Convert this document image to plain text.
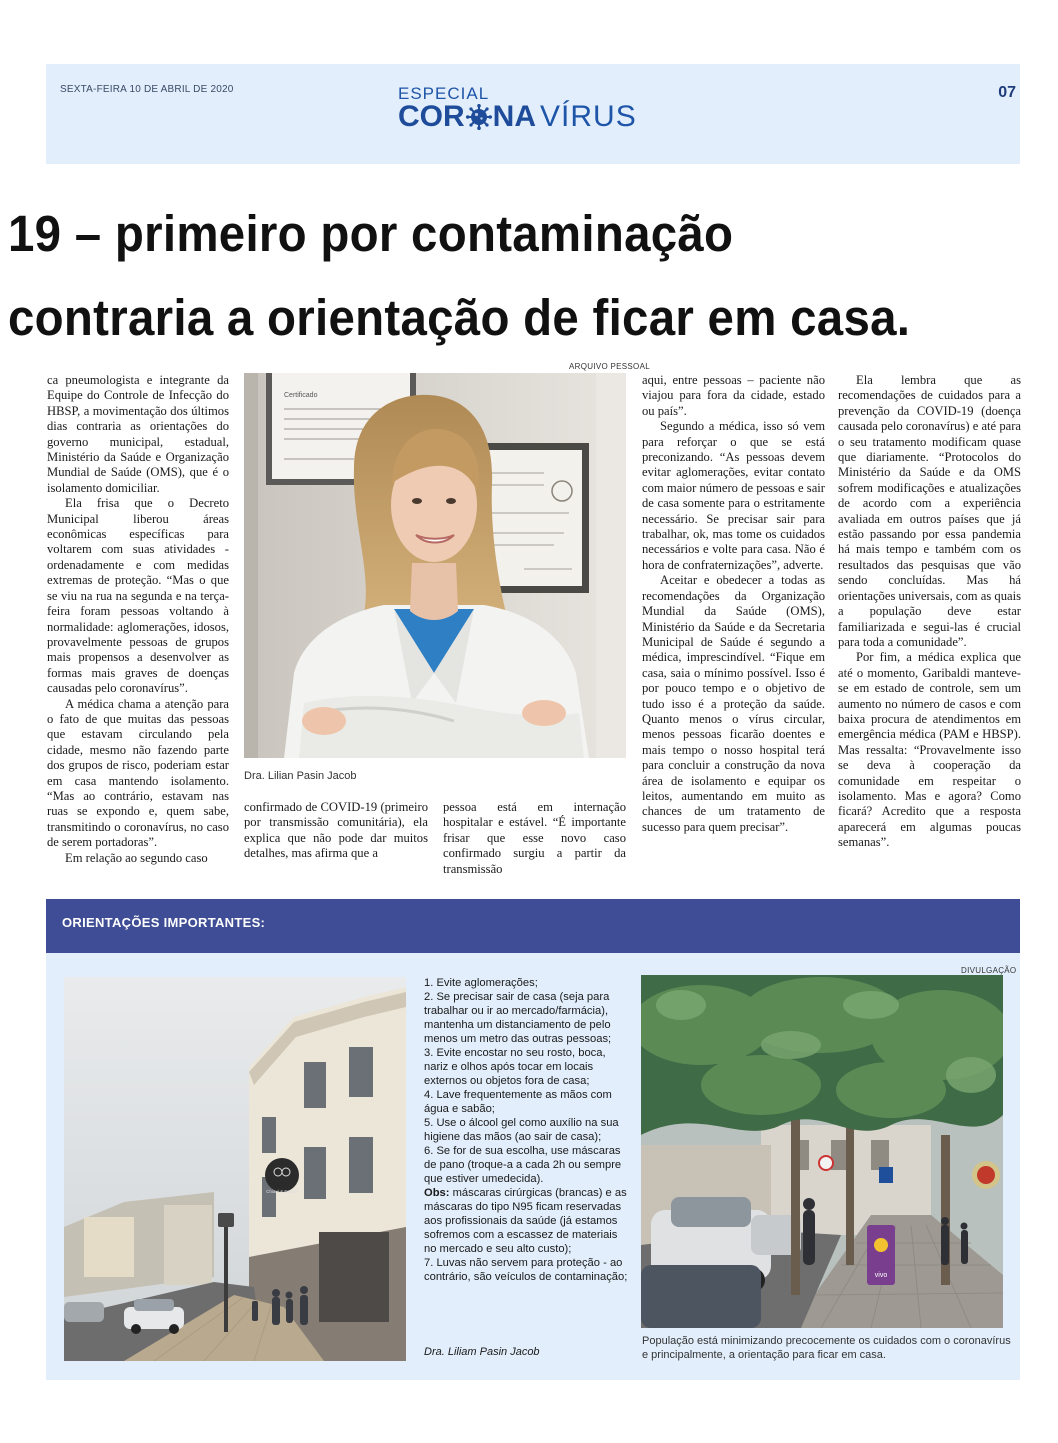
SEXTA-FEIRA 10 DE ABRIL DE 2020	ESPECIAL
COR NA VÍRUS
07
19 – primeiro por contaminação
contraria a orientação de ficar em casa.

ca pneumologista e integrante da Equipe do Controle de Infecção do HBSP, a movimentação dos últimos dias contraria as orientações do governo municipal, estadual, Ministério da Saúde e Organização Mundial de Saúde (OMS), que é o isolamento domiciliar.

Ela frisa que o Decreto Municipal liberou áreas econômicas específicas para voltarem com suas atividades - ordenadamente e com medidas extremas de proteção. “Mas o que se viu na rua na segunda e na terça-feira foram pessoas voltando à normalidade: aglomerações, idosos, provavelmente pessoas de grupos mais propensos a desenvolver as formas mais graves de doenças causadas pelo coronavírus”.

A médica chama a atenção para o fato de que muitas das pessoas que estavam circulando pela cidade, mesmo não fazendo parte dos grupos de risco, poderiam estar em casa mantendo isolamento. “Mas ao contrário, estavam nas ruas se expondo e, quem sabe, transmitindo o coronavírus, no caso de serem portadoras”.

Em relação ao segundo caso

ARQUIVO PESSOAL
Certificado
Dra. Lilian Pasin Jacob

confirmado de COVID-19 (primeiro por transmissão comunitária), ela explica que não pode dar muitos detalhes, mas afirma que a

pessoa está em internação hospitalar e estável. “É importante frisar que esse novo caso confirmado surgiu a partir da transmissão

aqui, entre pessoas – paciente não viajou para fora da cidade, estado ou país”.

Segundo a médica, isso só vem para reforçar o que se está preconizando. “As pessoas devem evitar aglomerações, evitar contato com maior número de pessoas e sair de casa somente para o estritamente necessário. Se precisar sair para trabalhar, ok, mas tome os cuidados necessários e volte para casa. Não é hora de confraternizações”, adverte.

Aceitar e obedecer a todas as recomendações da Organização Mundial da Saúde (OMS), Ministério da Saúde e da Secretaria Municipal de Saúde é segundo a médica, imprescindível. “Fique em casa, saia o mínimo possível. Isso é por pouco tempo e o objetivo de tudo isso é a proteção da saúde. Quanto menos o vírus circular, menos pessoas ficarão doentes e mais tempo o nosso hospital terá para concluir a construção da nova área de isolamento e equipar os leitos, aumentando em muito as chances de um tratamento de sucesso para quem precisar”.

Ela lembra que as recomendações de cuidados para a prevenção da COVID-19 (doença causada pelo coronavírus) e até para o seu tratamento modificam quase que diariamente. “Protocolos do Ministério da Saúde e da OMS sofrem modificações e atualizações de acordo com a experiência avaliada em outros países que já estão passando por essa pandemia há mais tempo e também com os resultados das pesquisas que vão sendo concluídas. Mas há orientações universais, com as quais a população deve estar familiarizada e segui-las é crucial para toda a comunidade”.

Por fim, a médica explica que até o momento, Garibaldi manteve-se em estado de controle, sem um aumento no número de casos e com baixa procura de atendimentos em emergência médica (PAM e HBSP). Mas ressalta: “Provavelmente isso se deva à cooperação da comunidade em respeitar o isolamento. Mas e agora? Como ficará? Acredito que a resposta aparecerá em algumas poucas semanas”.

ORIENTAÇÕES IMPORTANTES:
Chiaui & Fausel

1. Evite aglomerações;

2. Se precisar sair de casa (seja para trabalhar ou ir ao mercado/farmácia), mantenha um distanciamento de pelo menos um metro das outras pessoas;

3. Evite encostar no seu rosto, boca, nariz e olhos após tocar em locais externos ou objetos fora de casa;

4. Lave frequentemente as mãos com água e sabão;

5. Use o álcool gel como auxílio na sua higiene das mãos (ao sair de casa);

6. Se for de sua escolha, use máscaras de pano (troque-a a cada 2h ou sempre que estiver umedecida).

Obs: máscaras cirúrgicas (brancas) e as máscaras do tipo N95 ficam reservadas aos profissionais da saúde (já estamos sofremos com a escassez de materiais no mercado e seu alto custo);

7. Luvas não servem para proteção - ao contrário, são veículos de contaminação;

Dra. Liliam Pasin Jacob
DIVULGAÇÃO
vivo
População está minimizando precocemente os cuidados com o coronavírus e principalmente, a orientação para ficar em casa.
